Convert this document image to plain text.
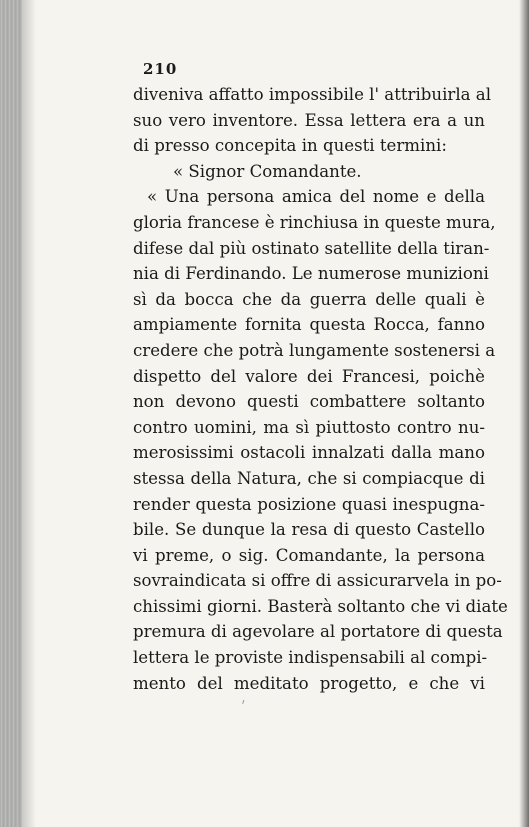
210
diveniva affatto impossibile l' attribuirla al
suo vero inventore. Essa lettera era a un
di presso concepita in questi termini:
« Signor Comandante.
« Una persona amica del nome e della
gloria francese è rinchiusa in queste mura,
difese dal più ostinato satellite della tiran-
nia di Ferdinando. Le numerose munizioni
sì da bocca che da guerra delle quali è
ampiamente fornita questa Rocca, fanno
credere che potrà lungamente sostenersi a
dispetto del valore dei Francesi, poichè
non devono questi combattere soltanto
contro uomini, ma sì piuttosto contro nu-
merosissimi ostacoli innalzati dalla mano
stessa della Natura, che si compiacque di
render questa posizione quasi inespugna-
bile. Se dunque la resa di questo Castello
vi preme, o sig. Comandante, la persona
sovraindicata si offre di assicurarvela in po-
chissimi giorni. Basterà soltanto che vi diate
premura di agevolare al portatore di questa
lettera le proviste indispensabili al compi-
mento del meditato progetto, e che vi
ꞌ
